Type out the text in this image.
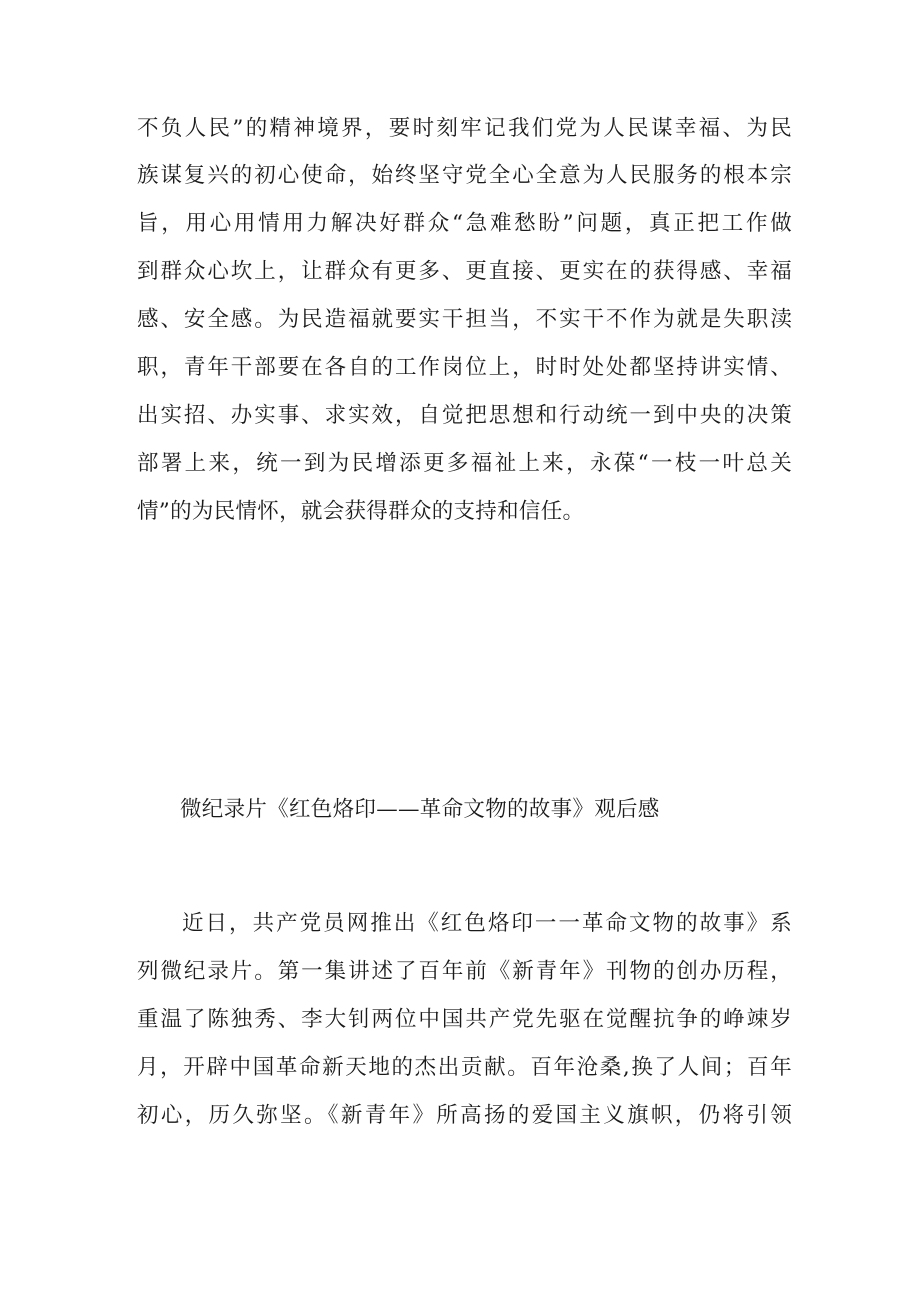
不负人民”的精神境界，要时刻牢记我们党为人民谋幸福、为民
族谋复兴的初心使命，始终坚守党全心全意为人民服务的根本宗
旨，用心用情用力解决好群众“急难愁盼”问题，真正把工作做
到群众心坎上，让群众有更多、更直接、更实在的获得感、幸福
感、安全感。为民造福就要实干担当，不实干不作为就是失职渎
职，青年干部要在各自的工作岗位上，时时处处都坚持讲实情、
出实招、办实事、求实效，自觉把思想和行动统一到中央的决策
部署上来，统一到为民增添更多福祉上来，永葆“一枝一叶总关
情”的为民情怀，就会获得群众的支持和信任。
微纪录片《红色烙印——革命文物的故事》观后感
近日，共产党员网推出《红色烙印一一革命文物的故事》系
列微纪录片。第一集讲述了百年前《新青年》刊物的创办历程，
重温了陈独秀、李大钊两位中国共产党先驱在觉醒抗争的峥竦岁
月，开辟中国革命新天地的杰出贡献。百年沧桑,换了人间；百年
初心，历久弥坚。《新青年》所高扬的爱国主义旗帜，仍将引领
